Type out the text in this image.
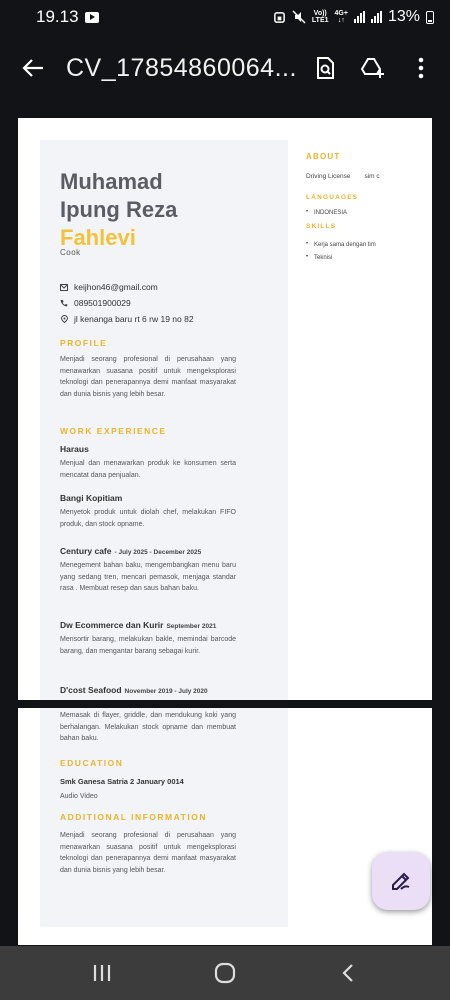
19.13	Vo))
LTE1
4G+
↓↑	13%
CV_17854860064...
Muhamad
Ipung Reza
Fahlevi
Cook
keijhon46@gmail.com
089501900029
jl kenanga baru rt 6 rw 19 no 82
PROFILE
Menjadi seorang profesional di perusahaan yang menawarkan suasana positif untuk mengeksplorasi teknologi dan penerapannya demi manfaat masyarakat dan dunia bisnis yang lebih besar.
WORK EXPERIENCE
Haraus
Menjual dan menawarkan produk ke konsumen serta mencatat dana penjualan.
Bangi Kopitiam
Menyetok produk untuk diolah chef, melakukan FIFO produk, dan stock opname.
Century cafe - July 2025 - December 2025
Menegement bahan baku, mengembangkan menu baru yang sedang tren, mencari pemasok, menjaga standar rasa . Membuat resep dan saus bahan baku.
Dw Ecommerce dan Kurir September 2021
Mensortir barang, melakukan bakle, memindai barcode barang, dan mengantar barang sebagai kurir.
D'cost Seafood November 2019 - July 2020
ABOUT
Driving License sim c
LANGUAGES
• INDONESIA
SKILLS
• Kerja sama dengan tim
• Teknisi
Memasak di flayer, griddle, dan mendukung koki yang berhalangan. Melakukan stock opname dan membuat bahan baku.
EDUCATION
Smk Ganesa Satria 2 January 0014
Audio Video
ADDITIONAL INFORMATION
Menjadi seorang profesional di perusahaan yang menawarkan suasana positif untuk mengeksplorasi teknologi dan penerapannya demi manfaat masyarakat dan dunia bisnis yang lebih besar.
